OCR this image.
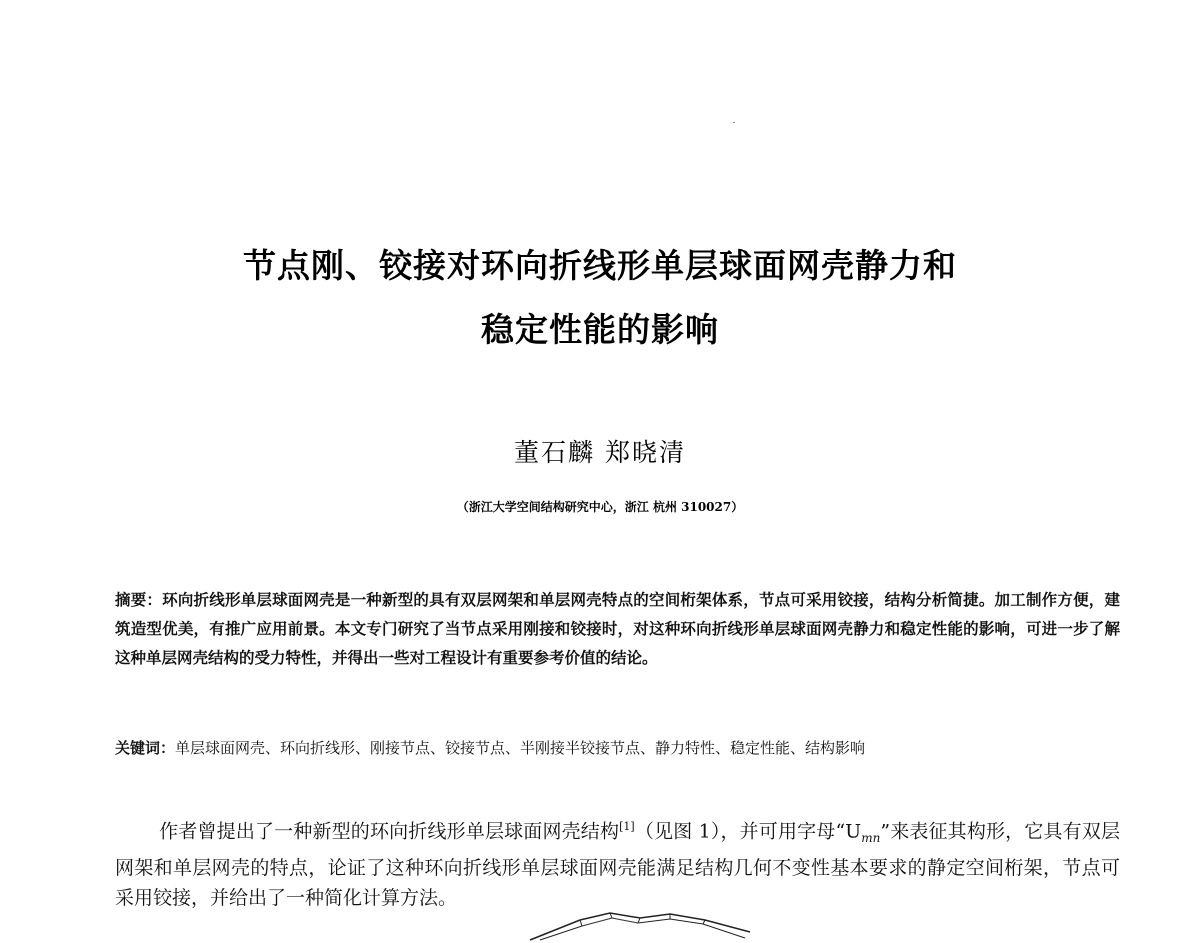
节点刚、铰接对环向折线形单层球面网壳静力和
稳定性能的影响
董石麟 郑晓清
（浙江大学空间结构研究中心，浙江 杭州 310027）
摘要：环向折线形单层球面网壳是一种新型的具有双层网架和单层网壳特点的空间桁架体系，节点可采用铰接，结构分析简捷。加工制作方便，建筑造型优美，有推广应用前景。本文专门研究了当节点采用刚接和铰接时，对这种环向折线形单层球面网壳静力和稳定性能的影响，可进一步了解这种单层网壳结构的受力特性，并得出一些对工程设计有重要参考价值的结论。
关键词：单层球面网壳、环向折线形、刚接节点、铰接节点、半刚接半铰接节点、静力特性、稳定性能、结构影响
作者曾提出了一种新型的环向折线形单层球面网壳结构[1]（见图 1），并可用字母“$U_{mn}$”来表征其构形，它具有双层网架和单层网壳的特点，论证了这种环向折线形单层球面网壳能满足结构几何不变性基本要求的静定空间桁架，节点可采用铰接，并给出了一种简化计算方法。
